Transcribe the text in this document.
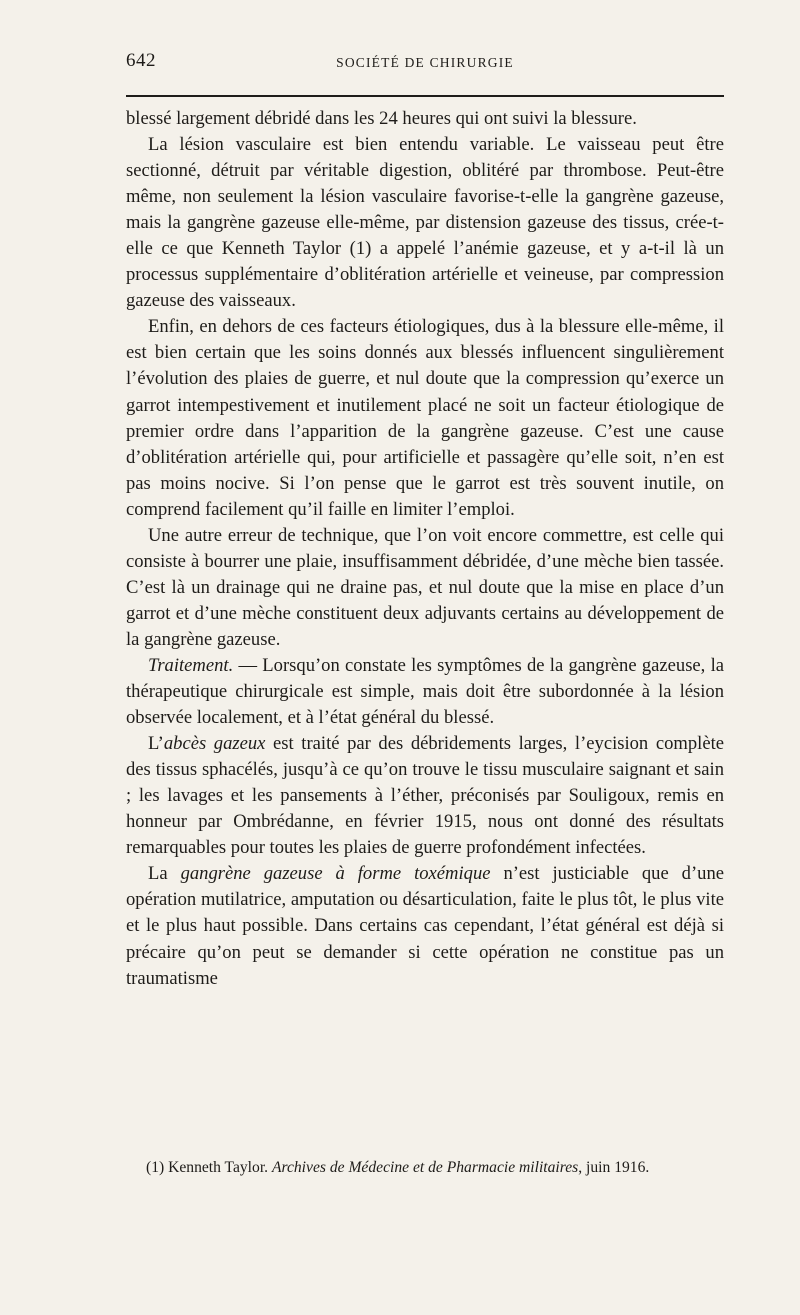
642	SOCIÉTÉ DE CHIRURGIE

blessé largement débridé dans les 24 heures qui ont suivi la blessure.

La lésion vasculaire est bien entendu variable. Le vaisseau peut être sectionné, détruit par véritable digestion, oblitéré par thrombose. Peut-être même, non seulement la lésion vasculaire favorise-t-elle la gangrène gazeuse, mais la gangrène gazeuse elle-même, par distension gazeuse des tissus, crée-t-elle ce que Kenneth Taylor (1) a appelé l’anémie gazeuse, et y a-t-il là un processus supplémentaire d’oblitération artérielle et veineuse, par compression gazeuse des vaisseaux.

Enfin, en dehors de ces facteurs étiologiques, dus à la blessure elle-même, il est bien certain que les soins donnés aux blessés influencent singulièrement l’évolution des plaies de guerre, et nul doute que la compression qu’exerce un garrot intempestivement et inutilement placé ne soit un facteur étiologique de premier ordre dans l’apparition de la gangrène gazeuse. C’est une cause d’oblitération artérielle qui, pour artificielle et passagère qu’elle soit, n’en est pas moins nocive. Si l’on pense que le garrot est très souvent inutile, on comprend facilement qu’il faille en limiter l’emploi.

Une autre erreur de technique, que l’on voit encore commettre, est celle qui consiste à bourrer une plaie, insuffisamment débridée, d’une mèche bien tassée. C’est là un drainage qui ne draine pas, et nul doute que la mise en place d’un garrot et d’une mèche constituent deux adjuvants certains au développement de la gangrène gazeuse.

Traitement. — Lorsqu’on constate les symptômes de la gangrène gazeuse, la thérapeutique chirurgicale est simple, mais doit être subordonnée à la lésion observée localement, et à l’état général du blessé.

L’abcès gazeux est traité par des débridements larges, l’eycision complète des tissus sphacélés, jusqu’à ce qu’on trouve le tissu musculaire saignant et sain ; les lavages et les pansements à l’éther, préconisés par Souligoux, remis en honneur par Ombrédanne, en février 1915, nous ont donné des résultats remarquables pour toutes les plaies de guerre profondément infectées.

La gangrène gazeuse à forme toxémique n’est justiciable que d’une opération mutilatrice, amputation ou désarticulation, faite le plus tôt, le plus vite et le plus haut possible. Dans certains cas cependant, l’état général est déjà si précaire qu’on peut se demander si cette opération ne constitue pas un traumatisme

(1) Kenneth Taylor. Archives de Médecine et de Pharmacie militaires, juin 1916.
